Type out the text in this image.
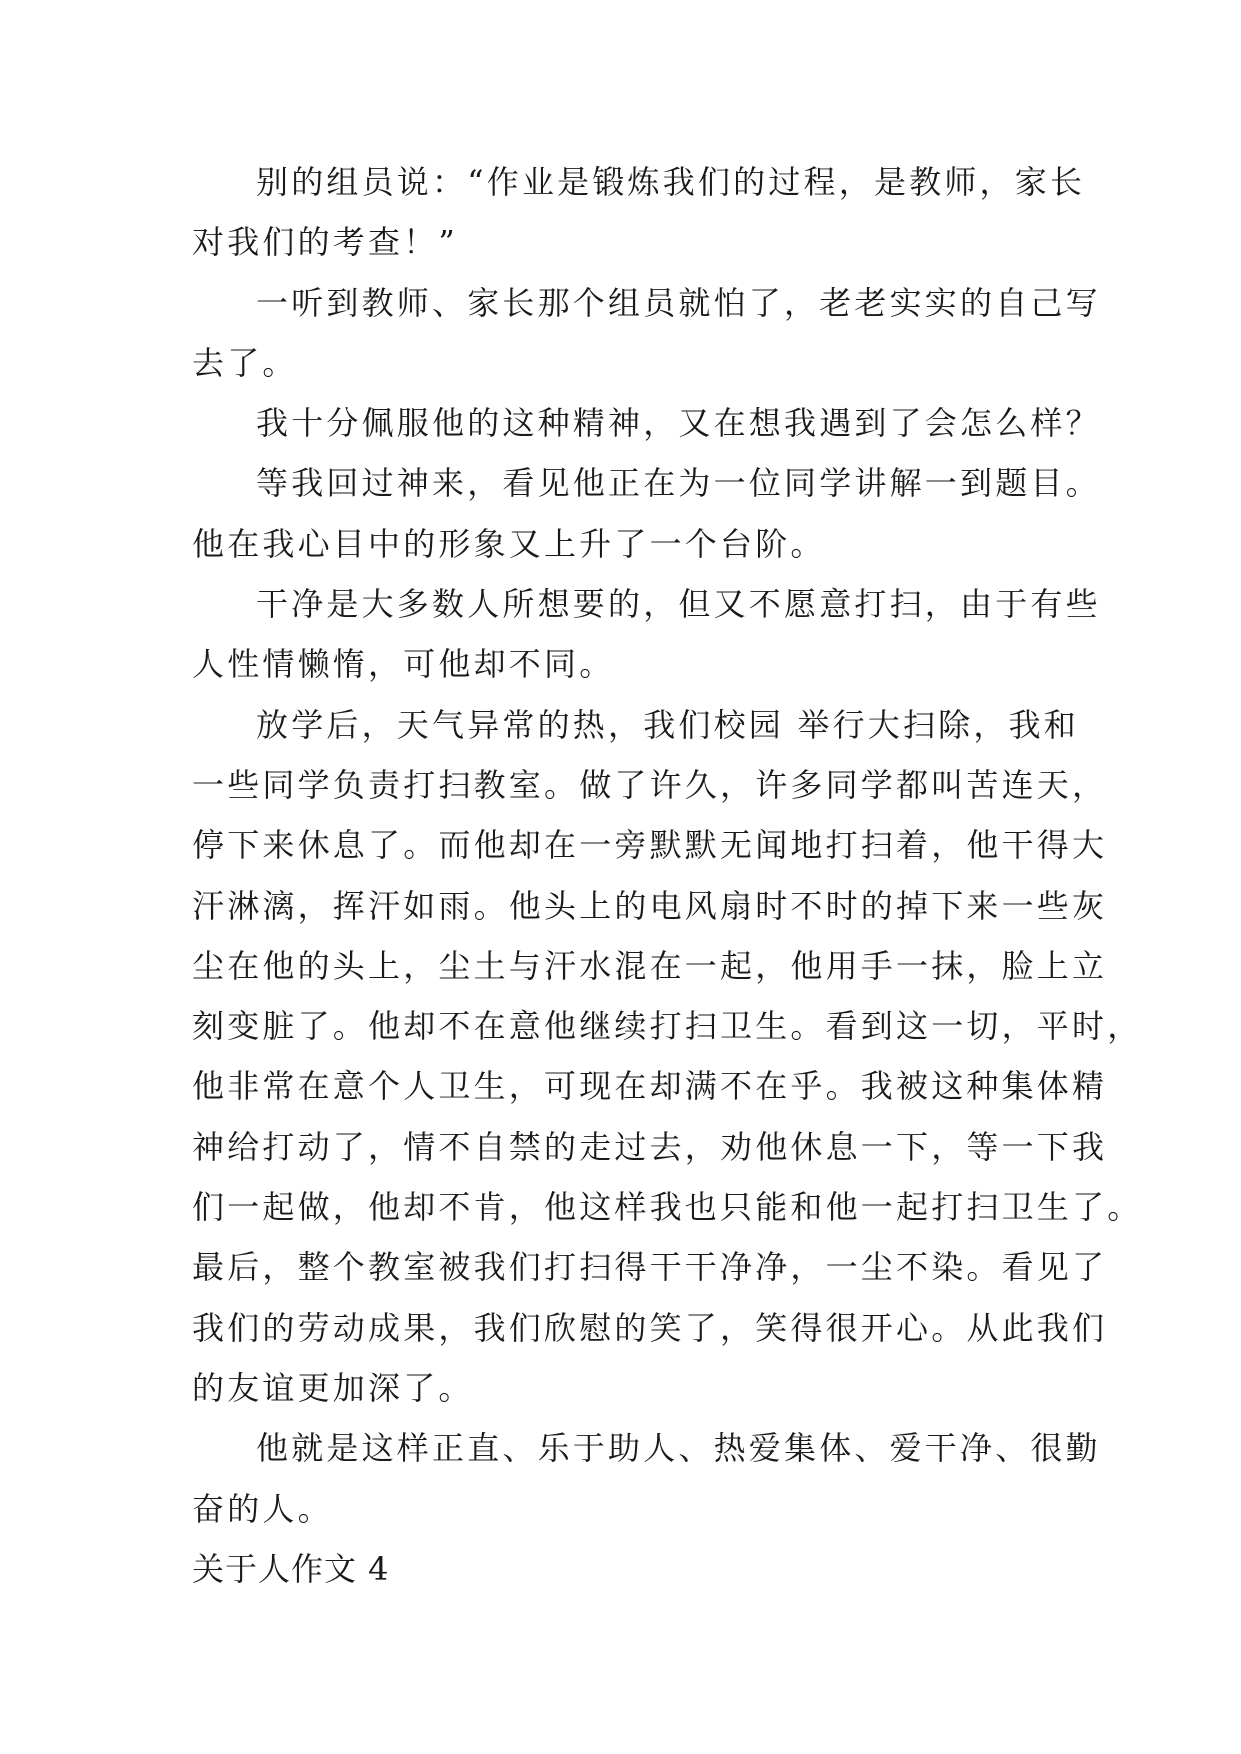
别的组员说：“作业是锻炼我们的过程，是教师，家长
对我们的考查！”
一听到教师、家长那个组员就怕了，老老实实的自己写
去了。
我十分佩服他的这种精神，又在想我遇到了会怎么样？
等我回过神来，看见他正在为一位同学讲解一到题目。
他在我心目中的形象又上升了一个台阶。
干净是大多数人所想要的，但又不愿意打扫，由于有些
人性情懒惰，可他却不同。
放学后，天气异常的热，我们校园 举行大扫除，我和
一些同学负责打扫教室。做了许久，许多同学都叫苦连天，
停下来休息了。而他却在一旁默默无闻地打扫着，他干得大
汗淋漓，挥汗如雨。他头上的电风扇时不时的掉下来一些灰
尘在他的头上，尘土与汗水混在一起，他用手一抹，脸上立
刻变脏了。他却不在意他继续打扫卫生。看到这一切，平时，
他非常在意个人卫生，可现在却满不在乎。我被这种集体精
神给打动了，情不自禁的走过去，劝他休息一下，等一下我
们一起做，他却不肯，他这样我也只能和他一起打扫卫生了。
最后，整个教室被我们打扫得干干净净，一尘不染。看见了
我们的劳动成果，我们欣慰的笑了，笑得很开心。从此我们
的友谊更加深了。
他就是这样正直、乐于助人、热爱集体、爱干净、很勤
奋的人。
关于人作文 4
